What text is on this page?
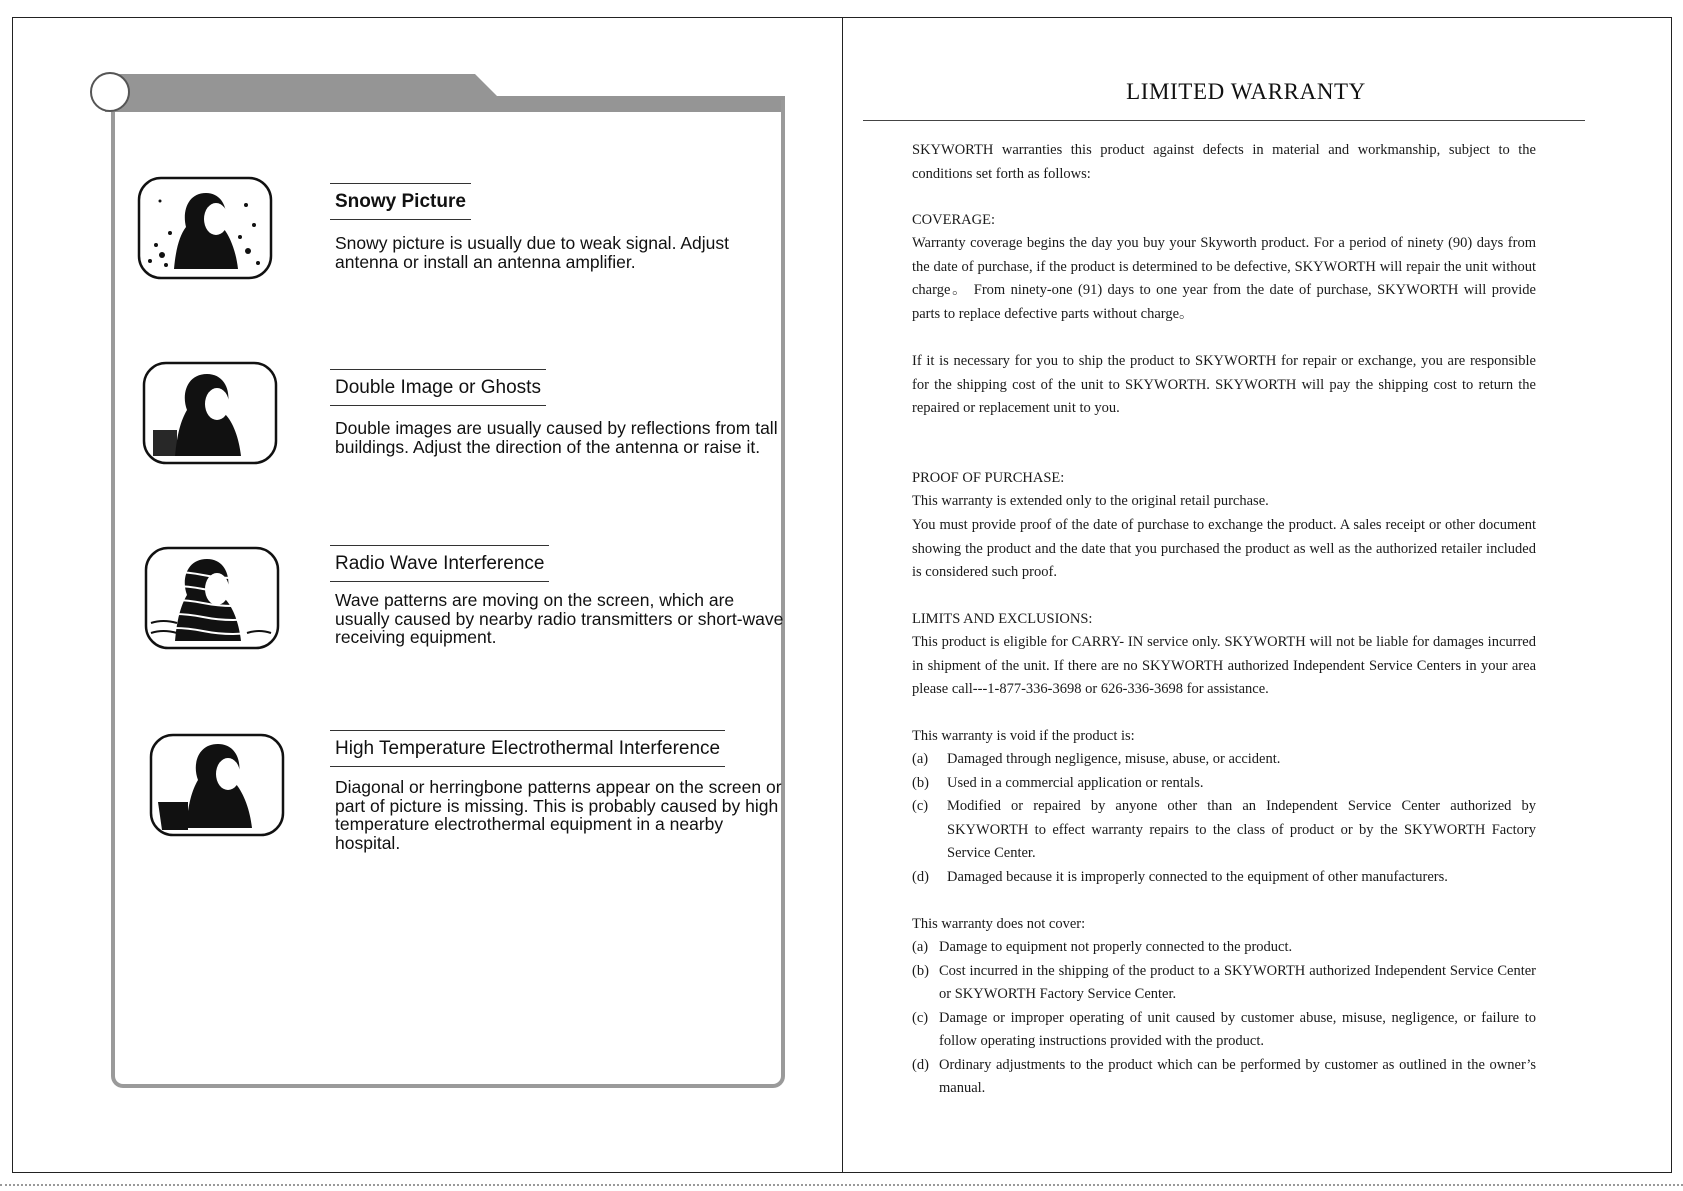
Snowy Picture
Snowy picture is usually due to weak signal. Adjust antenna or install an antenna amplifier.
Double Image or Ghosts
Double images are usually caused by reflections from tall buildings. Adjust the direction of the antenna or raise it.
Radio Wave Interference
Wave patterns are moving on the screen, which are usually caused by nearby radio transmitters or short-wave receiving equipment.
High Temperature Electrothermal Interference
Diagonal or herringbone patterns appear on the screen or part of picture is missing. This is probably caused by high temperature electrothermal equipment in a nearby hospital.
LIMITED WARRANTY
SKYWORTH warranties this product against defects in material and workmanship, subject to the conditions set forth as follows:
COVERAGE:
Warranty coverage begins the day you buy your Skyworth product. For a period of ninety (90) days from the date of purchase, if the product is determined to be defective, SKYWORTH will repair the unit without charge。 From ninety-one (91) days to one year from the date of purchase, SKYWORTH will provide parts to replace defective parts without charge。
If it is necessary for you to ship the product to SKYWORTH for repair or exchange, you are responsible for the shipping cost of the unit to SKYWORTH. SKYWORTH will pay the shipping cost to return the repaired or replacement unit to you.
PROOF OF PURCHASE:
This warranty is extended only to the original retail purchase.
You must provide proof of the date of purchase to exchange the product. A sales receipt or other document showing the product and the date that you purchased the product as well as the authorized retailer included is considered such proof.
LIMITS AND EXCLUSIONS:
This product is eligible for CARRY- IN service only. SKYWORTH will not be liable for damages incurred in shipment of the unit. If there are no SKYWORTH authorized Independent Service Centers in your area please call---1-877-336-3698 or 626-336-3698 for assistance.
This warranty is void if the product is:
(a) Damaged through negligence, misuse, abuse, or accident.
(b) Used in a commercial application or rentals.
(c) Modified or repaired by anyone other than an Independent Service Center authorized by SKYWORTH to effect warranty repairs to the class of product or by the SKYWORTH Factory Service Center.
(d) Damaged because it is improperly connected to the equipment of other manufacturers.
This warranty does not cover:
(a) Damage to equipment not properly connected to the product.
(b) Cost incurred in the shipping of the product to a SKYWORTH authorized Independent Service Center or SKYWORTH Factory Service Center.
(c) Damage or improper operating of unit caused by customer abuse, misuse, negligence, or failure to follow operating instructions provided with the product.
(d) Ordinary adjustments to the product which can be performed by customer as outlined in the owner’s manual.
